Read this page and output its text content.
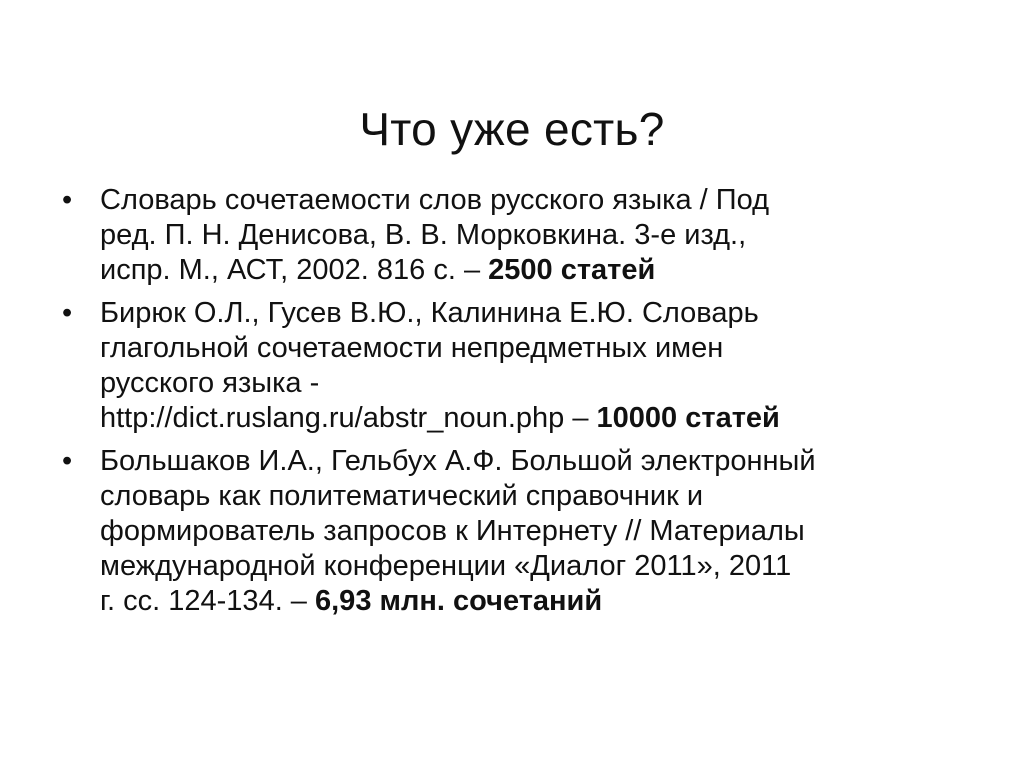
Что уже есть?
• Словарь сочетаемости слов русского языка / Под
ред. П. Н. Денисова, В. В. Морковкина. 3-е изд.,
испр. М., АСТ, 2002. 816 с. – 2500 статей
• Бирюк О.Л., Гусев В.Ю., Калинина Е.Ю. Словарь
глагольной сочетаемости непредметных имен
русского языка -
http://dict.ruslang.ru/abstr_noun.php – 10000 статей
• Большаков И.А., Гельбух А.Ф. Большой электронный
словарь как политематический справочник и
формирователь запросов к Интернету // Материалы
международной конференции «Диалог 2011», 2011
г. сс. 124-134. – 6,93 млн. сочетаний
